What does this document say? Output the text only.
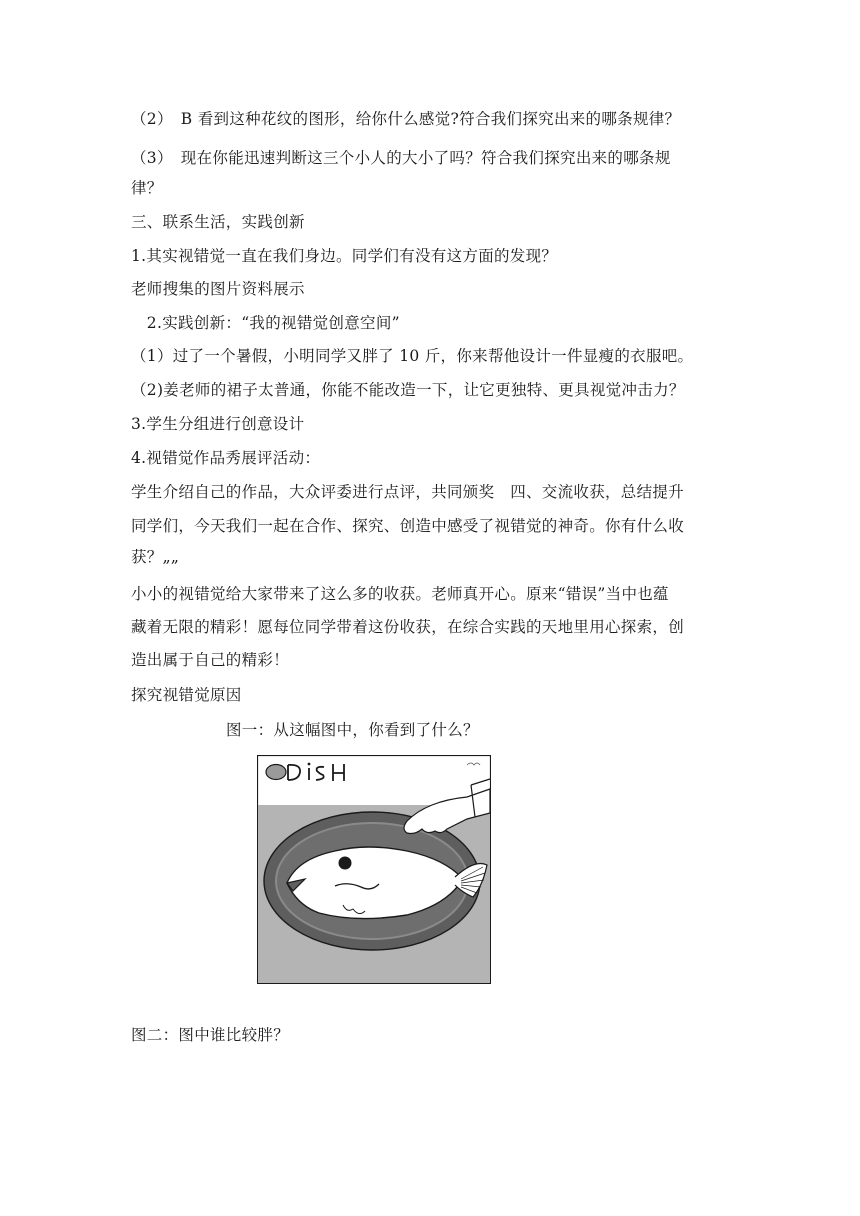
（2）　B 看到这种花纹的图形，给你什么感觉?符合我们探究出来的哪条规律？
（3）　现在你能迅速判断这三个小人的大小了吗？符合我们探究出来的哪条规
律？
三、联系生活，实践创新
1.其实视错觉一直在我们身边。同学们有没有这方面的发现？
老师搜集的图片资料展示
　2.实践创新：“我的视错觉创意空间”
（1）过了一个暑假，小明同学又胖了 10 斤，你来帮他设计一件显瘦的衣服吧。
（2)姜老师的裙子太普通，你能不能改造一下，让它更独特、更具视觉冲击力？
3.学生分组进行创意设计
4.视错觉作品秀展评活动：
学生介绍自己的作品，大众评委进行点评，共同颁奖　四、交流收获，总结提升
同学们，今天我们一起在合作、探究、创造中感受了视错觉的神奇。你有什么收
获？„„
小小的视错觉给大家带来了这么多的收获。老师真开心。原来“错误”当中也蕴
藏着无限的精彩！愿每位同学带着这份收获，在综合实践的天地里用心探索，创
造出属于自己的精彩！
探究视错觉原因
图一：从这幅图中，你看到了什么？
图二：图中谁比较胖？
